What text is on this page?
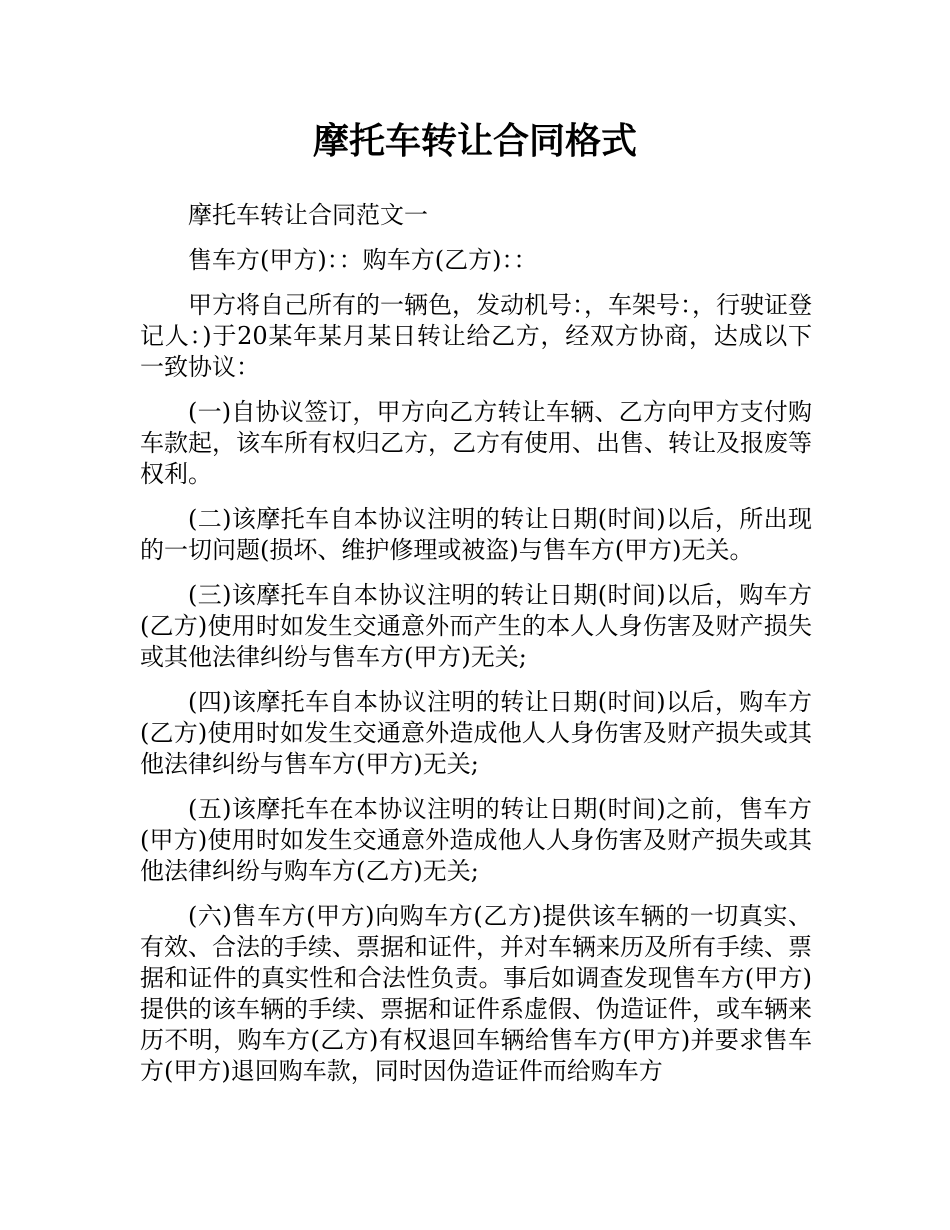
摩托车转让合同格式

摩托车转让合同范文一

售车方(甲方)：：购车方(乙方)：：

甲方将自己所有的一辆色，发动机号：，车架号：，行驶证登记人：)于20某年某月某日转让给乙方，经双方协商，达成以下一致协议：

(一)自协议签订，甲方向乙方转让车辆、乙方向甲方支付购车款起，该车所有权归乙方，乙方有使用、出售、转让及报废等权利。

(二)该摩托车自本协议注明的转让日期(时间)以后，所出现的一切问题(损坏、维护修理或被盗)与售车方(甲方)无关。

(三)该摩托车自本协议注明的转让日期(时间)以后，购车方(乙方)使用时如发生交通意外而产生的本人人身伤害及财产损失或其他法律纠纷与售车方(甲方)无关;

(四)该摩托车自本协议注明的转让日期(时间)以后，购车方(乙方)使用时如发生交通意外造成他人人身伤害及财产损失或其他法律纠纷与售车方(甲方)无关;

(五)该摩托车在本协议注明的转让日期(时间)之前，售车方(甲方)使用时如发生交通意外造成他人人身伤害及财产损失或其他法律纠纷与购车方(乙方)无关;

(六)售车方(甲方)向购车方(乙方)提供该车辆的一切真实、有效、合法的手续、票据和证件，并对车辆来历及所有手续、票据和证件的真实性和合法性负责。事后如调查发现售车方(甲方)提供的该车辆的手续、票据和证件系虚假、伪造证件，或车辆来历不明，购车方(乙方)有权退回车辆给售车方(甲方)并要求售车方(甲方)退回购车款，同时因伪造证件而给购车方
